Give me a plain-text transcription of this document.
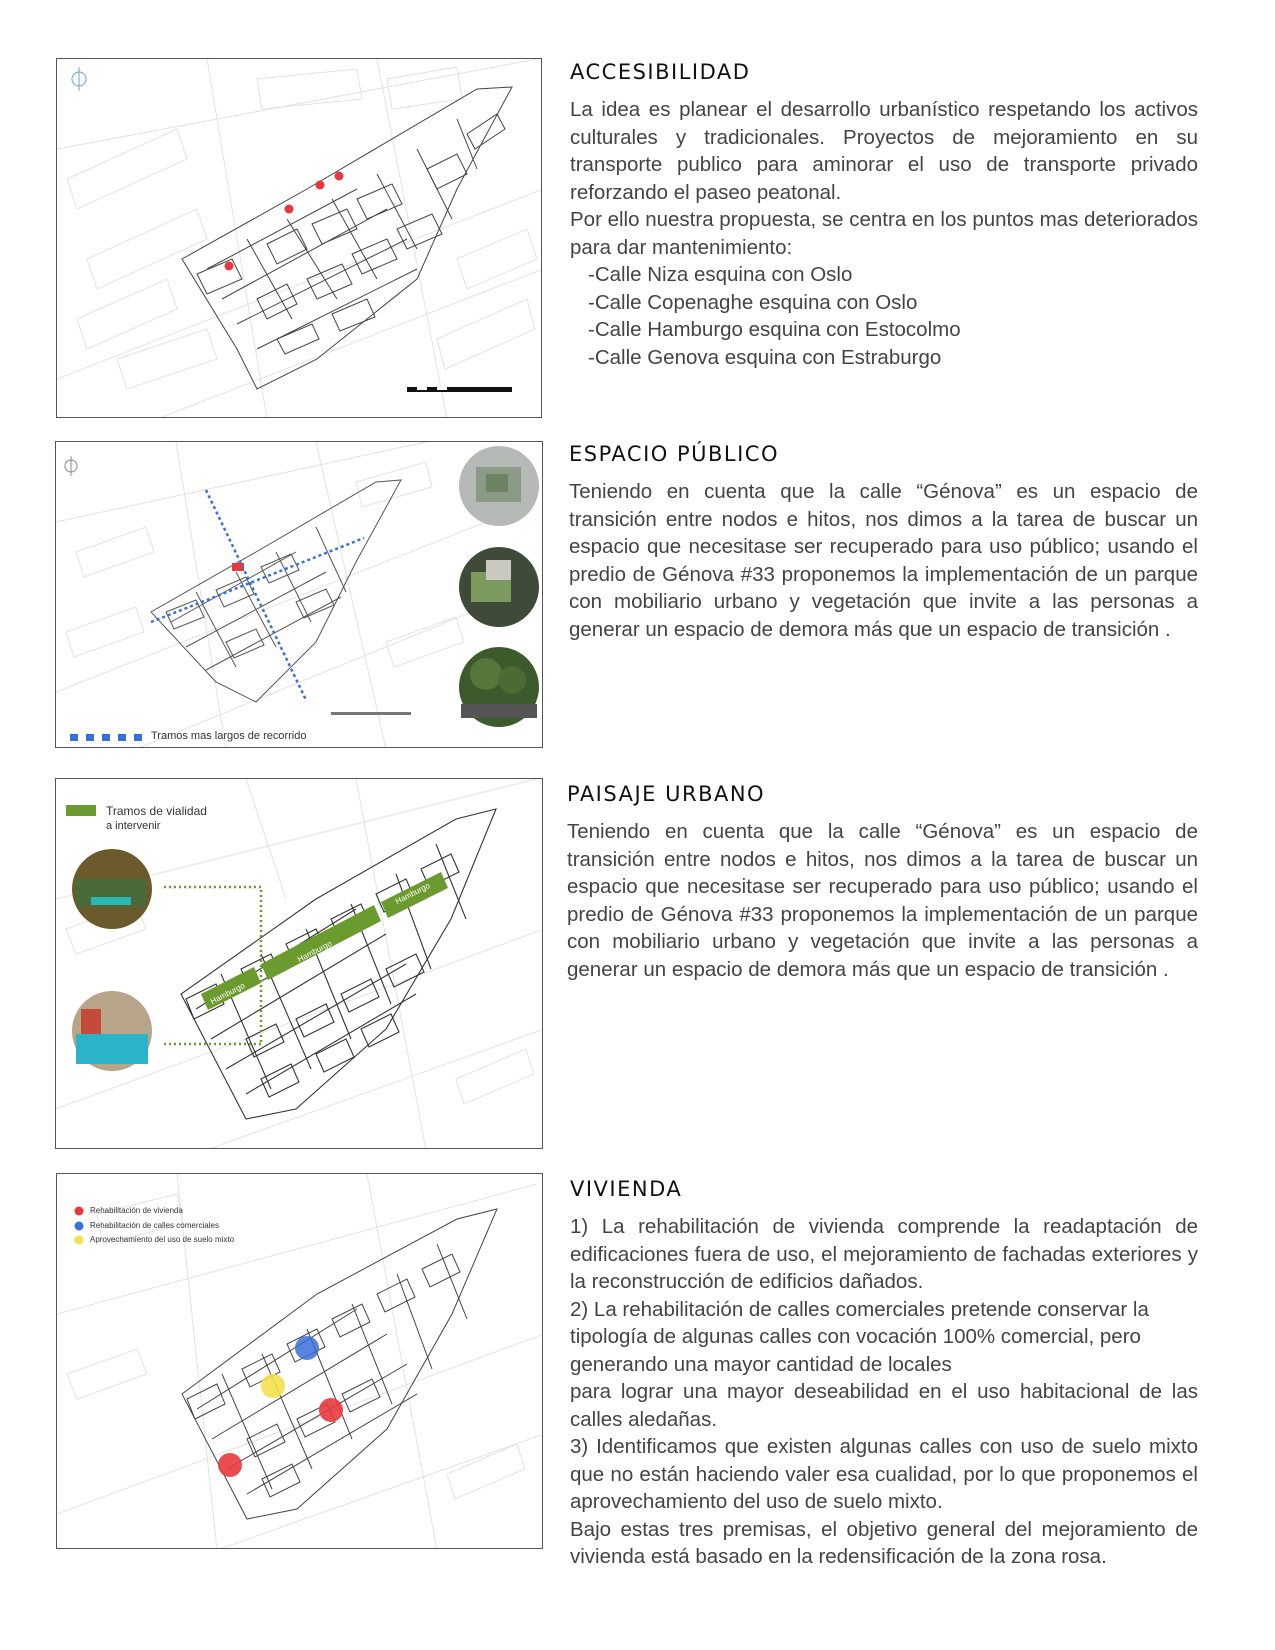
ACCESIBILIDAD

La idea es planear el desarrollo urbanístico respetando los activos culturales y tradicionales. Proyectos de mejoramiento en su transporte publico para aminorar el uso de transporte privado reforzando el paseo peatonal.

Por ello nuestra propuesta, se centra en los puntos mas deteriorados para dar mantenimiento:

-Calle Niza esquina con Oslo
-Calle Copenaghe esquina con Oslo
-Calle Hamburgo esquina con Estocolmo
-Calle Genova esquina con Estraburgo
Tramos mas largos de recorrido
ESPACIO PÚBLICO

Teniendo en cuenta que la calle “Génova” es un espacio de transición entre nodos e hitos, nos dimos a la tarea de buscar un espacio que necesitase ser recuperado para uso público; usando el predio de Génova #33 proponemos la implementación de un parque con mobiliario urbano y vegetación que invite a las personas a generar un espacio de demora más que un espacio de transición .

Tramos de vialidad
a intervenir
Hamburgo
Hamburgo
Hamburgo
PAISAJE URBANO

Teniendo en cuenta que la calle “Génova” es un espacio de transición entre nodos e hitos, nos dimos a la tarea de buscar un espacio que necesitase ser recuperado para uso público; usando el predio de Génova #33 proponemos la implementación de un parque con mobiliario urbano y vegetación que invite a las personas a generar un espacio de demora más que un espacio de transición .

Rehabilitación de vivienda
Rehabilitación de calles comerciales
Aprovechamiento del uso de suelo mixto
VIVIENDA

1) La rehabilitación de vivienda comprende la readaptación de edificaciones fuera de uso, el mejoramiento de fachadas exteriores y la reconstrucción de edificios dañados.

2) La rehabilitación de calles comerciales pretende conservar la tipología de algunas calles con vocación 100% comercial, pero generando una mayor cantidad de locales

para lograr una mayor deseabilidad en el uso habitacional de las calles aledañas.

3) Identificamos que existen algunas calles con uso de suelo mixto que no están haciendo valer esa cualidad, por lo que proponemos el aprovechamiento del uso de suelo mixto.

Bajo estas tres premisas, el objetivo general del mejoramiento de vivienda está basado en la redensificación de la zona rosa.
